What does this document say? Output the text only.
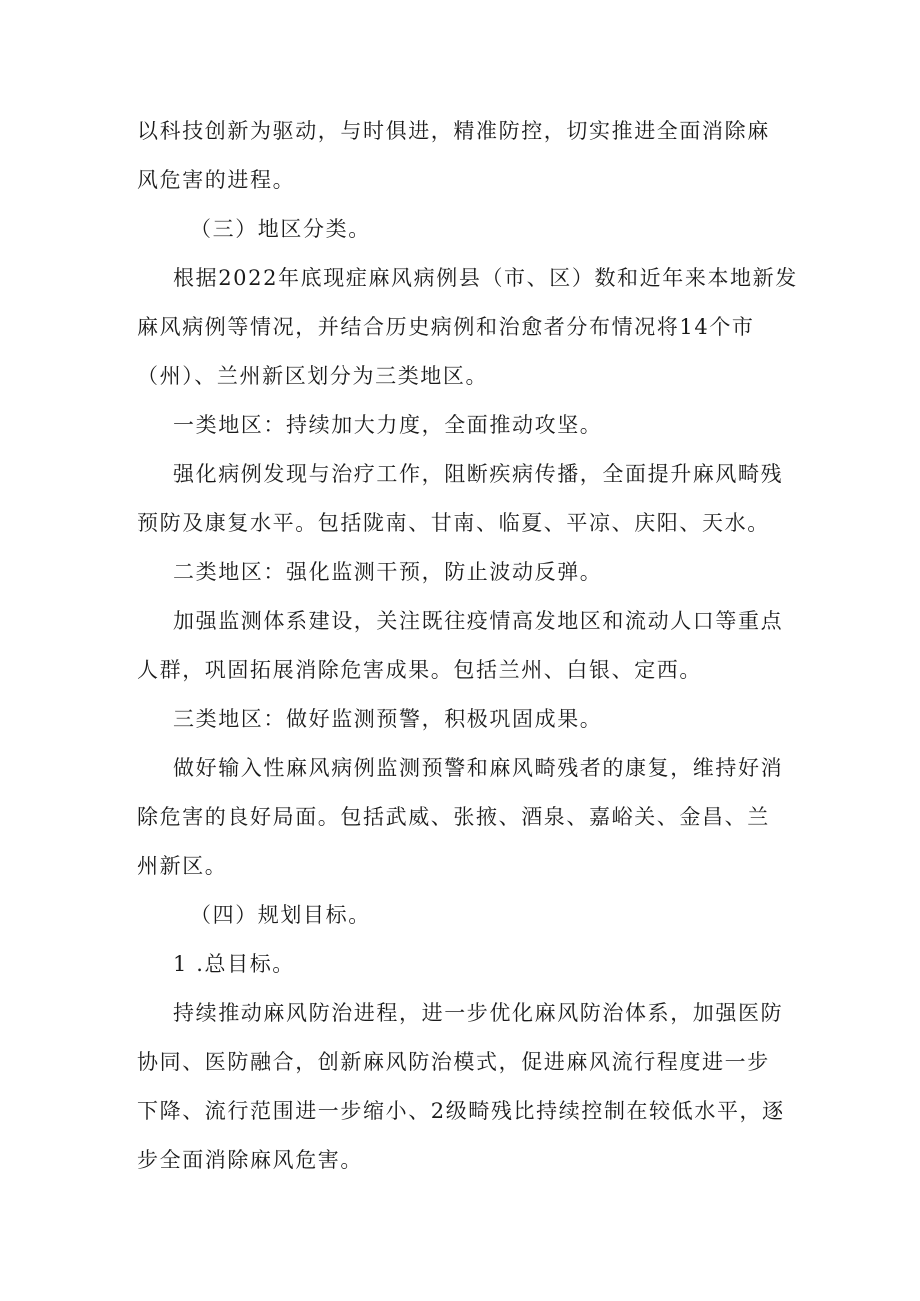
以科技创新为驱动，与时俱进，精准防控，切实推进全面消除麻
风危害的进程。
（三）地区分类。
根据2022年底现症麻风病例县（市、区）数和近年来本地新发
麻风病例等情况，并结合历史病例和治愈者分布情况将14个市
（州）、兰州新区划分为三类地区。
一类地区：持续加大力度，全面推动攻坚。
强化病例发现与治疗工作，阻断疾病传播，全面提升麻风畸残
预防及康复水平。包括陇南、甘南、临夏、平凉、庆阳、天水。
二类地区：强化监测干预，防止波动反弹。
加强监测体系建设，关注既往疫情高发地区和流动人口等重点
人群，巩固拓展消除危害成果。包括兰州、白银、定西。
三类地区：做好监测预警，积极巩固成果。
做好输入性麻风病例监测预警和麻风畸残者的康复，维持好消
除危害的良好局面。包括武威、张掖、酒泉、嘉峪关、金昌、兰
州新区。
（四）规划目标。
1 .总目标。
持续推动麻风防治进程，进一步优化麻风防治体系，加强医防
协同、医防融合，创新麻风防治模式，促进麻风流行程度进一步
下降、流行范围进一步缩小、2级畸残比持续控制在较低水平，逐
步全面消除麻风危害。
